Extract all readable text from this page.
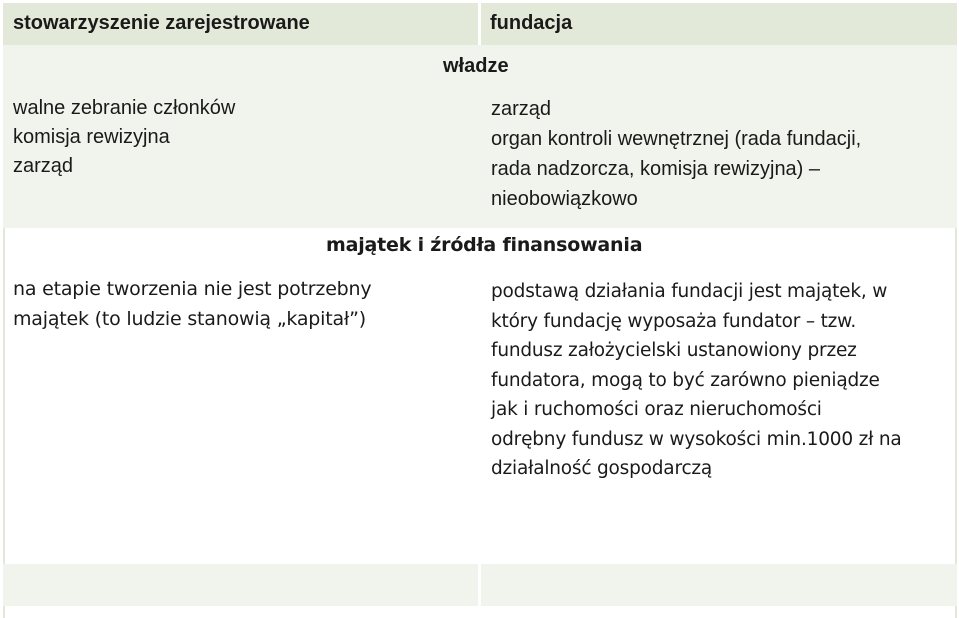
stowarzyszenie zarejestrowane	fundacja
władze
walne zebranie członków
komisja rewizyjna
zarząd
zarząd
organ kontroli wewnętrznej (rada fundacji,
rada nadzorcza, komisja rewizyjna) –
nieobowiązkowo
majątek i źródła finansowania
na etapie tworzenia nie jest potrzebny
majątek (to ludzie stanowią „kapitał”)
podstawą działania fundacji jest majątek, w
który fundację wyposaża fundator – tzw.
fundusz założycielski ustanowiony przez
fundatora, mogą to być zarówno pieniądze
jak i ruchomości oraz nieruchomości
odrębny fundusz w wysokości min.1000 zł na
działalność gospodarczą
